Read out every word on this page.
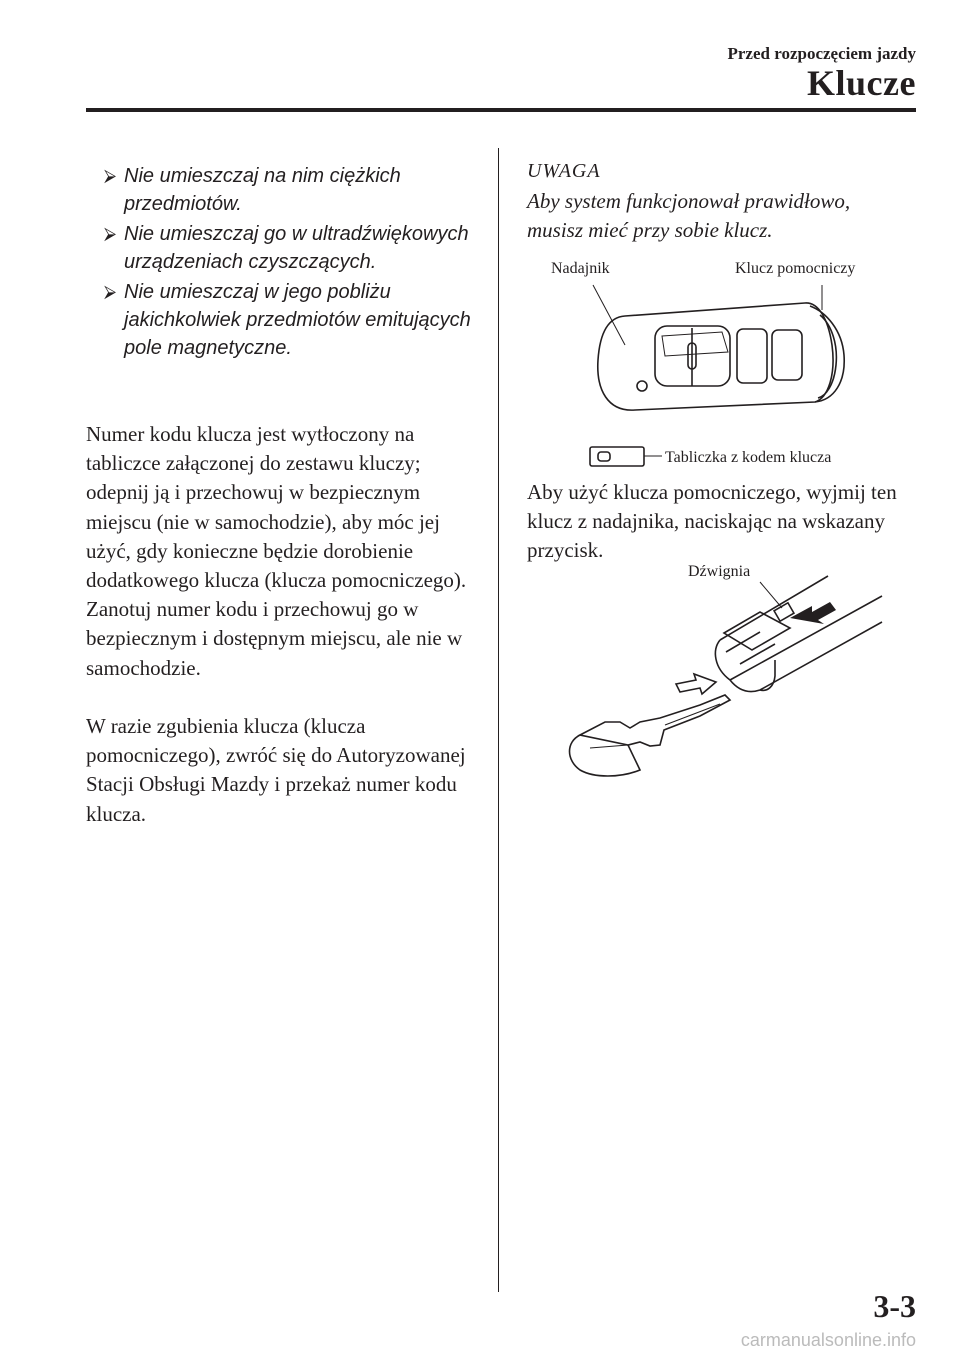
Przed rozpoczęciem jazdy
Klucze
⮚ Nie umieszczaj na nim ciężkich przedmiotów.
⮚ Nie umieszczaj go w ultradźwiękowych urządzeniach czyszczących.
⮚ Nie umieszczaj w jego pobliżu jakichkolwiek przedmiotów emitujących pole magnetyczne.
Numer kodu klucza jest wytłoczony na tabliczce załączonej do zestawu kluczy; odepnij ją i przechowuj w bezpiecznym miejscu (nie w samochodzie), aby móc jej użyć, gdy konieczne będzie dorobienie dodatkowego klucza (klucza pomocniczego). Zanotuj numer kodu i przechowuj go w bezpiecznym i dostępnym miejscu, ale nie w samochodzie.
W razie zgubienia klucza (klucza pomocniczego), zwróć się do Autoryzowanej Stacji Obsługi Mazdy i przekaż numer kodu klucza.
UWAGA
Aby system funkcjonował prawidłowo, musisz mieć przy sobie klucz.
Nadajnik	Klucz pomocniczy
Tabliczka z kodem klucza
Aby użyć klucza pomocniczego, wyjmij ten klucz z nadajnika, naciskając na wskazany przycisk.
Dźwignia
3-3
carmanualsonline.info
